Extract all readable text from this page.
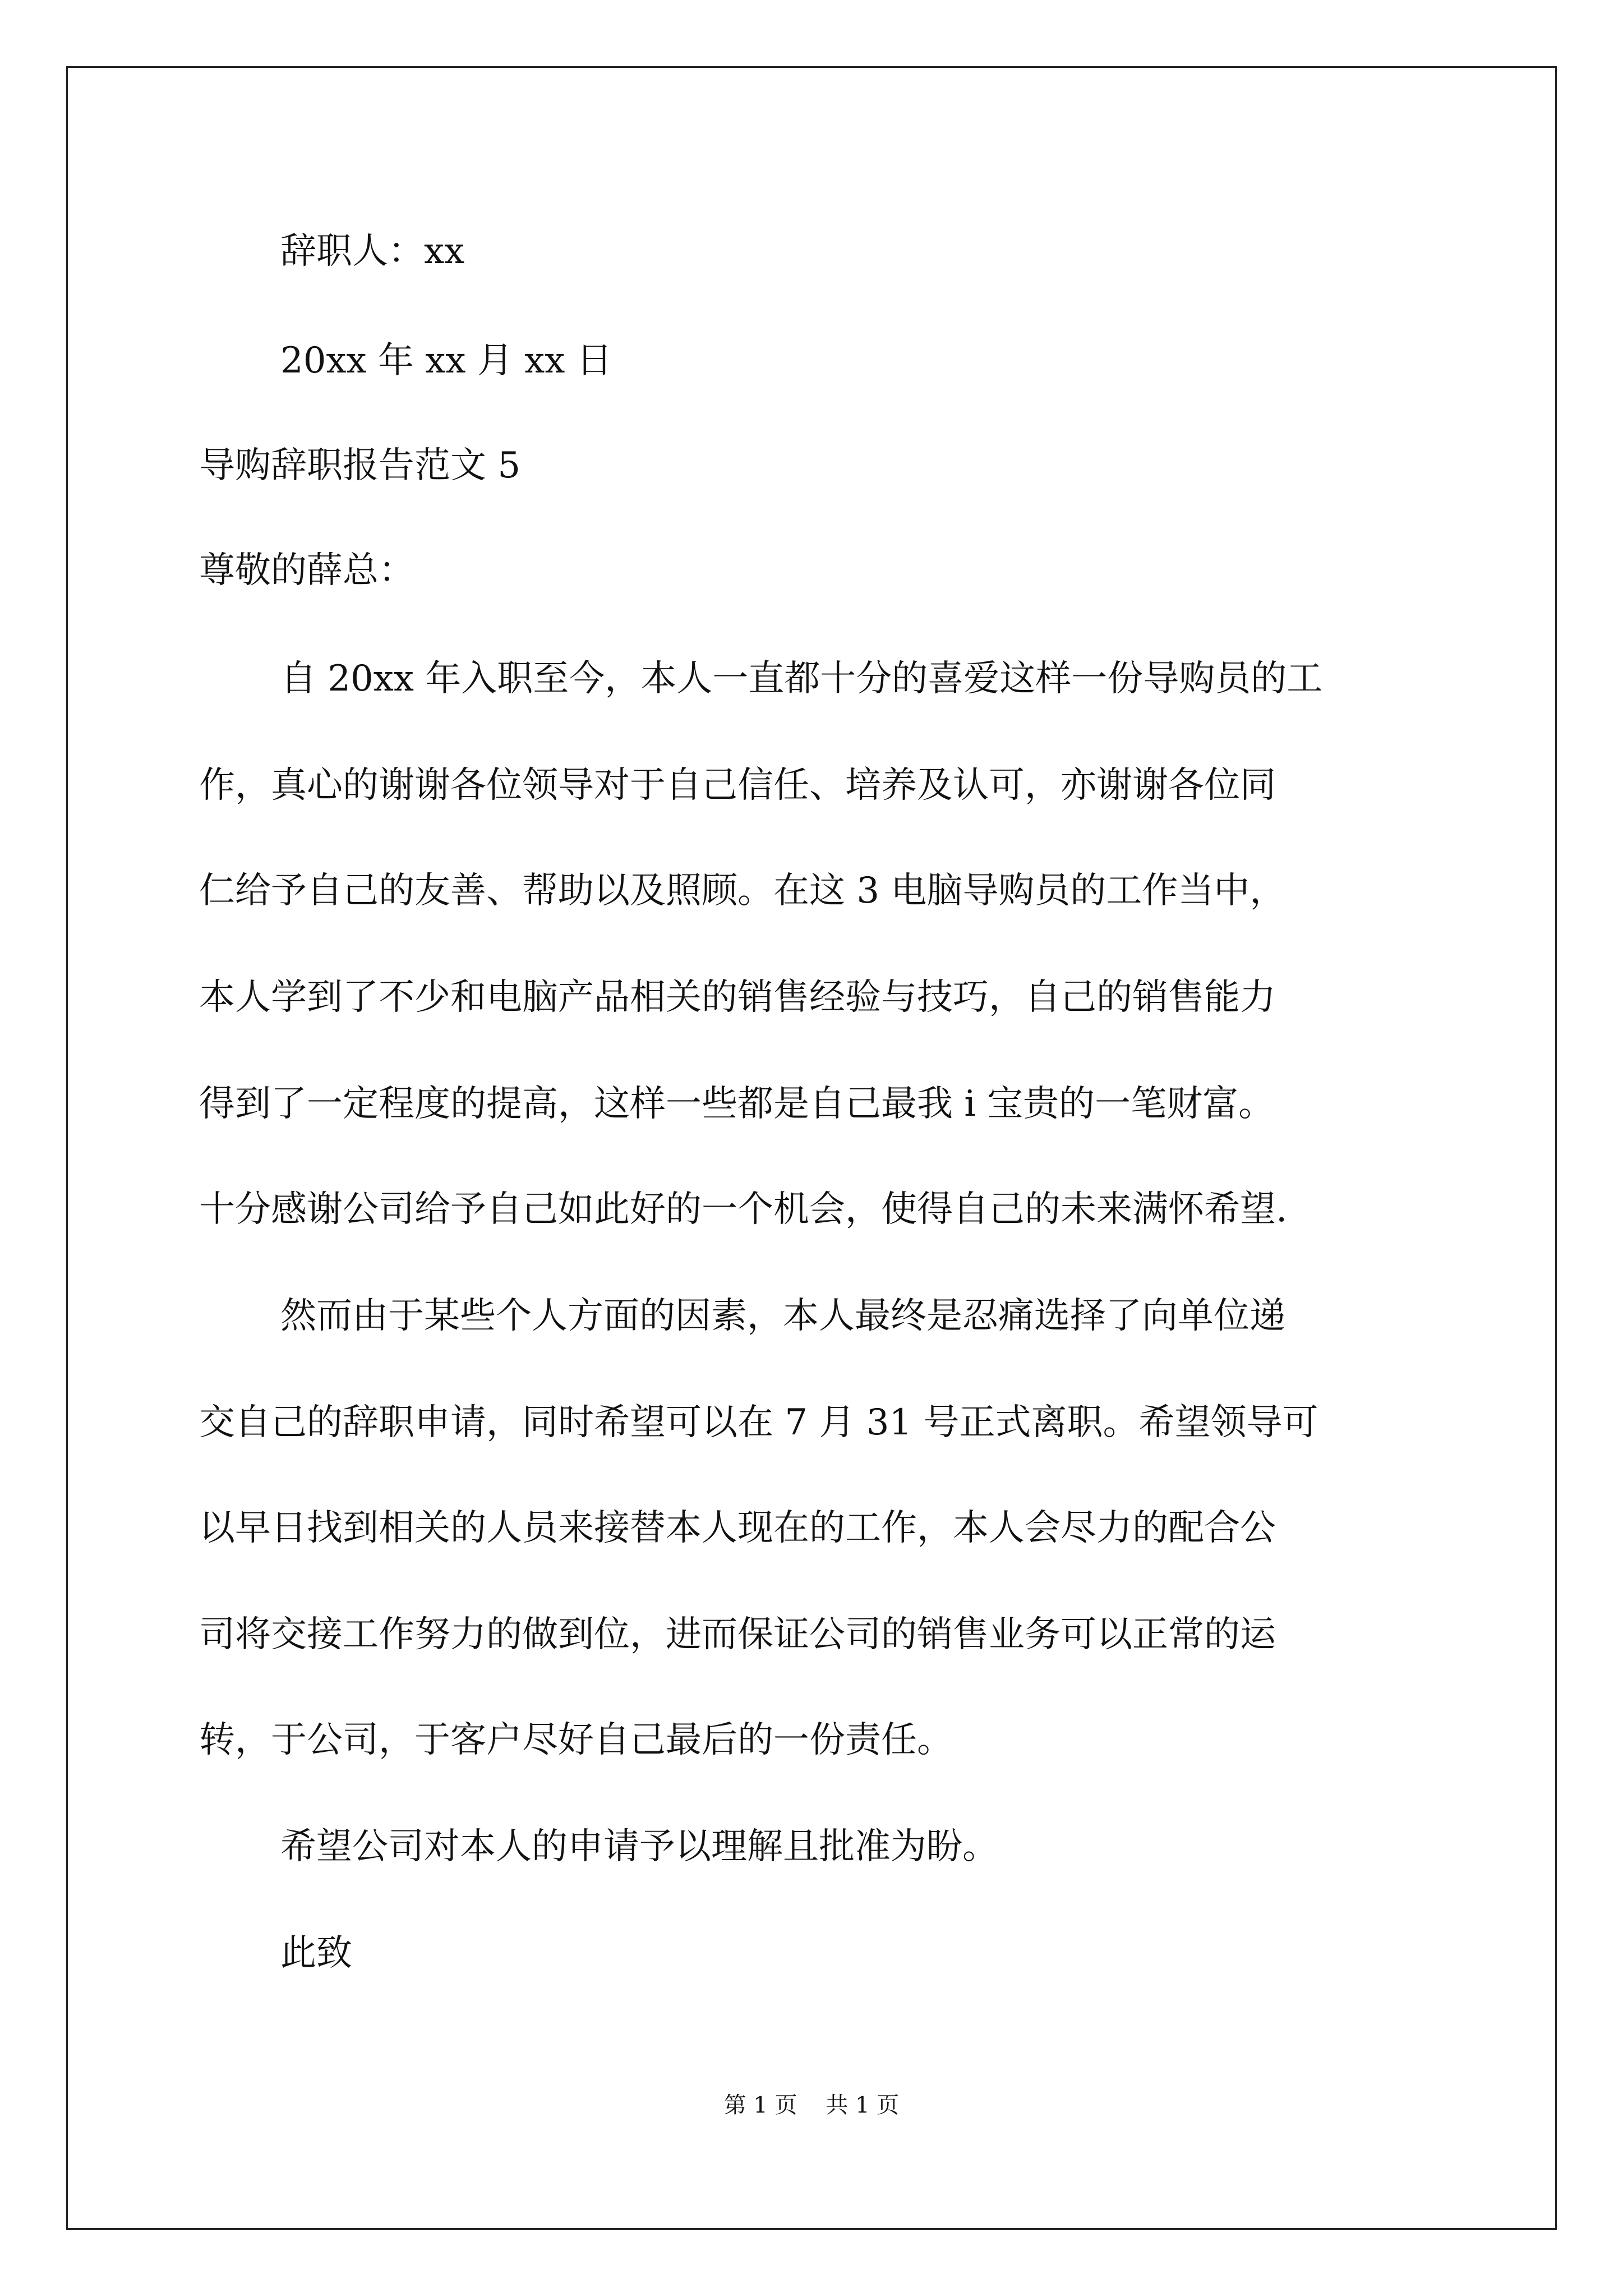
辞职人：xx
20xx 年 xx 月 xx 日
导购辞职报告范文 5
尊敬的薛总：
自 20xx 年入职至今，本人一直都十分的喜爱这样一份导购员的工
作，真心的谢谢各位领导对于自己信任、培养及认可，亦谢谢各位同
仁给予自己的友善、帮助以及照顾。在这 3 电脑导购员的工作当中，
本人学到了不少和电脑产品相关的销售经验与技巧，自己的销售能力
得到了一定程度的提高，这样一些都是自己最我 i 宝贵的一笔财富。
十分感谢公司给予自己如此好的一个机会，使得自己的未来满怀希望.
然而由于某些个人方面的因素，本人最终是忍痛选择了向单位递
交自己的辞职申请，同时希望可以在 7 月 31 号正式离职。希望领导可
以早日找到相关的人员来接替本人现在的工作，本人会尽力的配合公
司将交接工作努力的做到位，进而保证公司的销售业务可以正常的运
转，于公司，于客户尽好自己最后的一份责任。
希望公司对本人的申请予以理解且批准为盼。
此致
第 1 页    共 1 页
